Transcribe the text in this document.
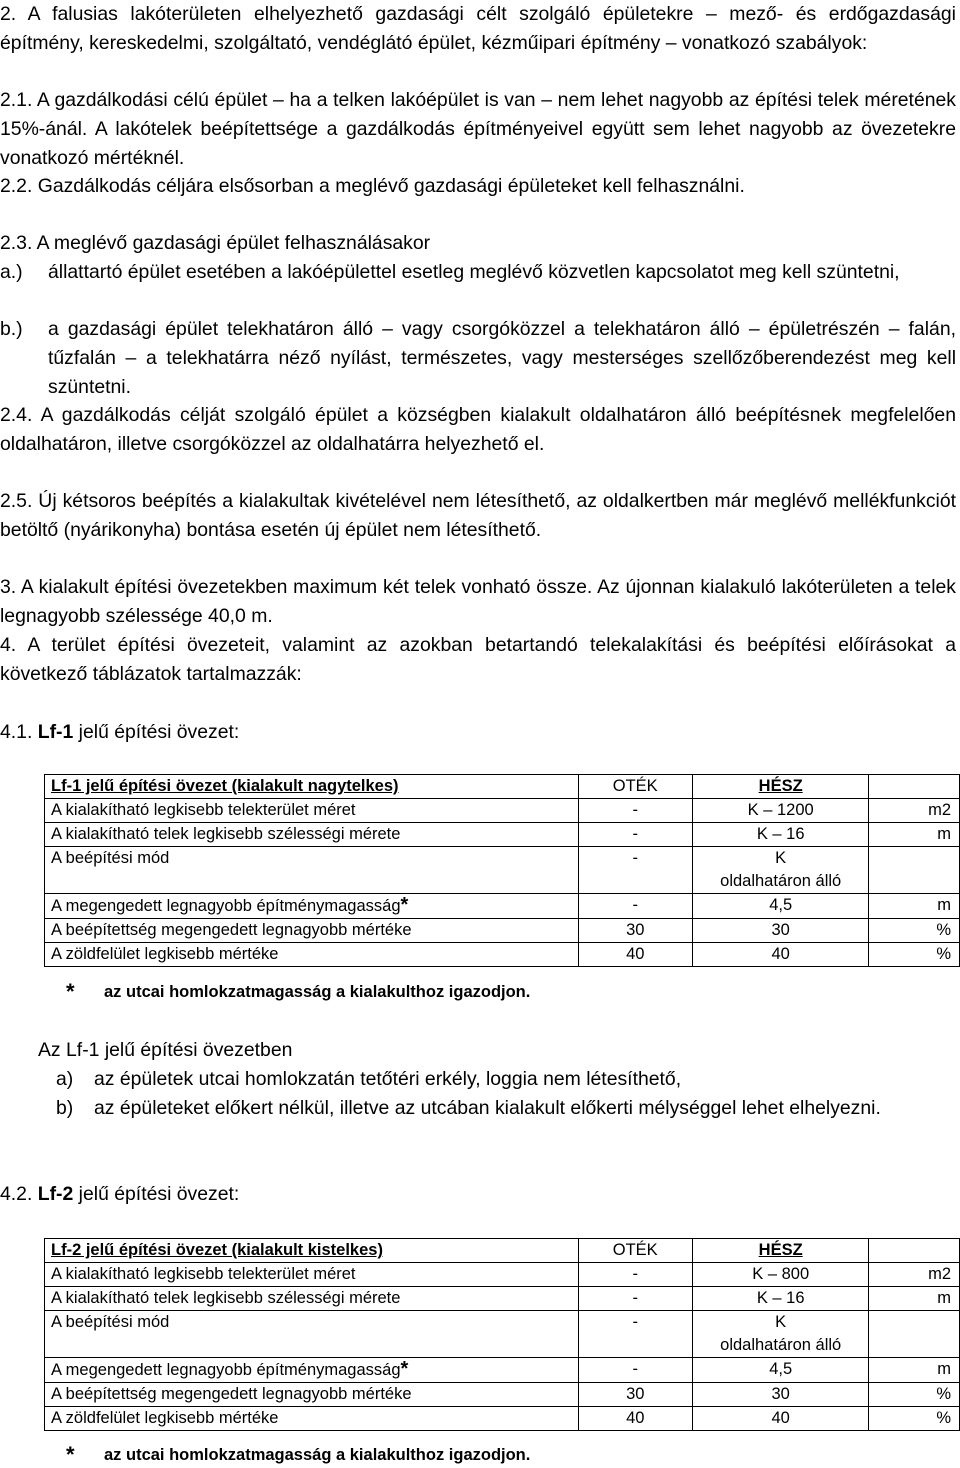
2. A falusias lakóterületen elhelyezhető gazdasági célt szolgáló épületekre – mező- és erdőgazdasági építmény, kereskedelmi, szolgáltató, vendéglátó épület, kézműipari építmény – vonatkozó szabályok:

2.1. A gazdálkodási célú épület – ha a telken lakóépület is van – nem lehet nagyobb az építési telek méretének 15%-ánál. A lakótelek beépítettsége a gazdálkodás építményeivel együtt sem lehet nagyobb az övezetekre vonatkozó mértéknél.

2.2. Gazdálkodás céljára elsősorban a meglévő gazdasági épületeket kell felhasználni.

2.3. A meglévő gazdasági épület felhasználásakor

a.) állattartó épület esetében a lakóépülettel esetleg meglévő közvetlen kapcsolatot meg kell szüntetni,

b.) a gazdasági épület telekhatáron álló – vagy csorgóközzel a telekhatáron álló – épületrészén – falán, tűzfalán – a telekhatárra néző nyílást, természetes, vagy mesterséges szellőzőberendezést meg kell szüntetni.

2.4. A gazdálkodás célját szolgáló épület a községben kialakult oldalhatáron álló beépítésnek megfelelően oldalhatáron, illetve csorgóközzel az oldalhatárra helyezhető el.

2.5. Új kétsoros beépítés a kialakultak kivételével nem létesíthető, az oldalkertben már meglévő mellékfunkciót betöltő (nyárikonyha) bontása esetén új épület nem létesíthető.

3. A kialakult építési övezetekben maximum két telek vonható össze. Az újonnan kialakuló lakóterületen a telek legnagyobb szélessége 40,0 m.

4. A terület építési övezeteit, valamint az azokban betartandó telekalakítási és beépítési előírásokat a következő táblázatok tartalmazzák:

4.1. Lf-1 jelű építési övezet:

Lf-1 jelű építési övezet (kialakult nagytelkes)	OTÉK	HÉSZ	
A kialakítható legkisebb telekterület méret	-	K – 1200	m2
A kialakítható telek legkisebb szélességi mérete	-	K – 16	m
A beépítési mód	-	K
oldalhatáron álló	
A megengedett legnagyobb építménymagasság*	-	4,5	m
A beépítettség megengedett legnagyobb mértéke	30	30	%
A zöldfelület legkisebb mértéke	40	40	%
* az utcai homlokzatmagasság a kialakulthoz igazodjon.

Az Lf-1 jelű építési övezetben

a) az épületek utcai homlokzatán tetőtéri erkély, loggia nem létesíthető,

b) az épületeket előkert nélkül, illetve az utcában kialakult előkerti mélységgel lehet elhelyezni.

4.2. Lf-2 jelű építési övezet:

Lf-2 jelű építési övezet (kialakult kistelkes)	OTÉK	HÉSZ	
A kialakítható legkisebb telekterület méret	-	K – 800	m2
A kialakítható telek legkisebb szélességi mérete	-	K – 16	m
A beépítési mód	-	K
oldalhatáron álló	
A megengedett legnagyobb építménymagasság*	-	4,5	m
A beépítettség megengedett legnagyobb mértéke	30	30	%
A zöldfelület legkisebb mértéke	40	40	%
* az utcai homlokzatmagasság a kialakulthoz igazodjon.
